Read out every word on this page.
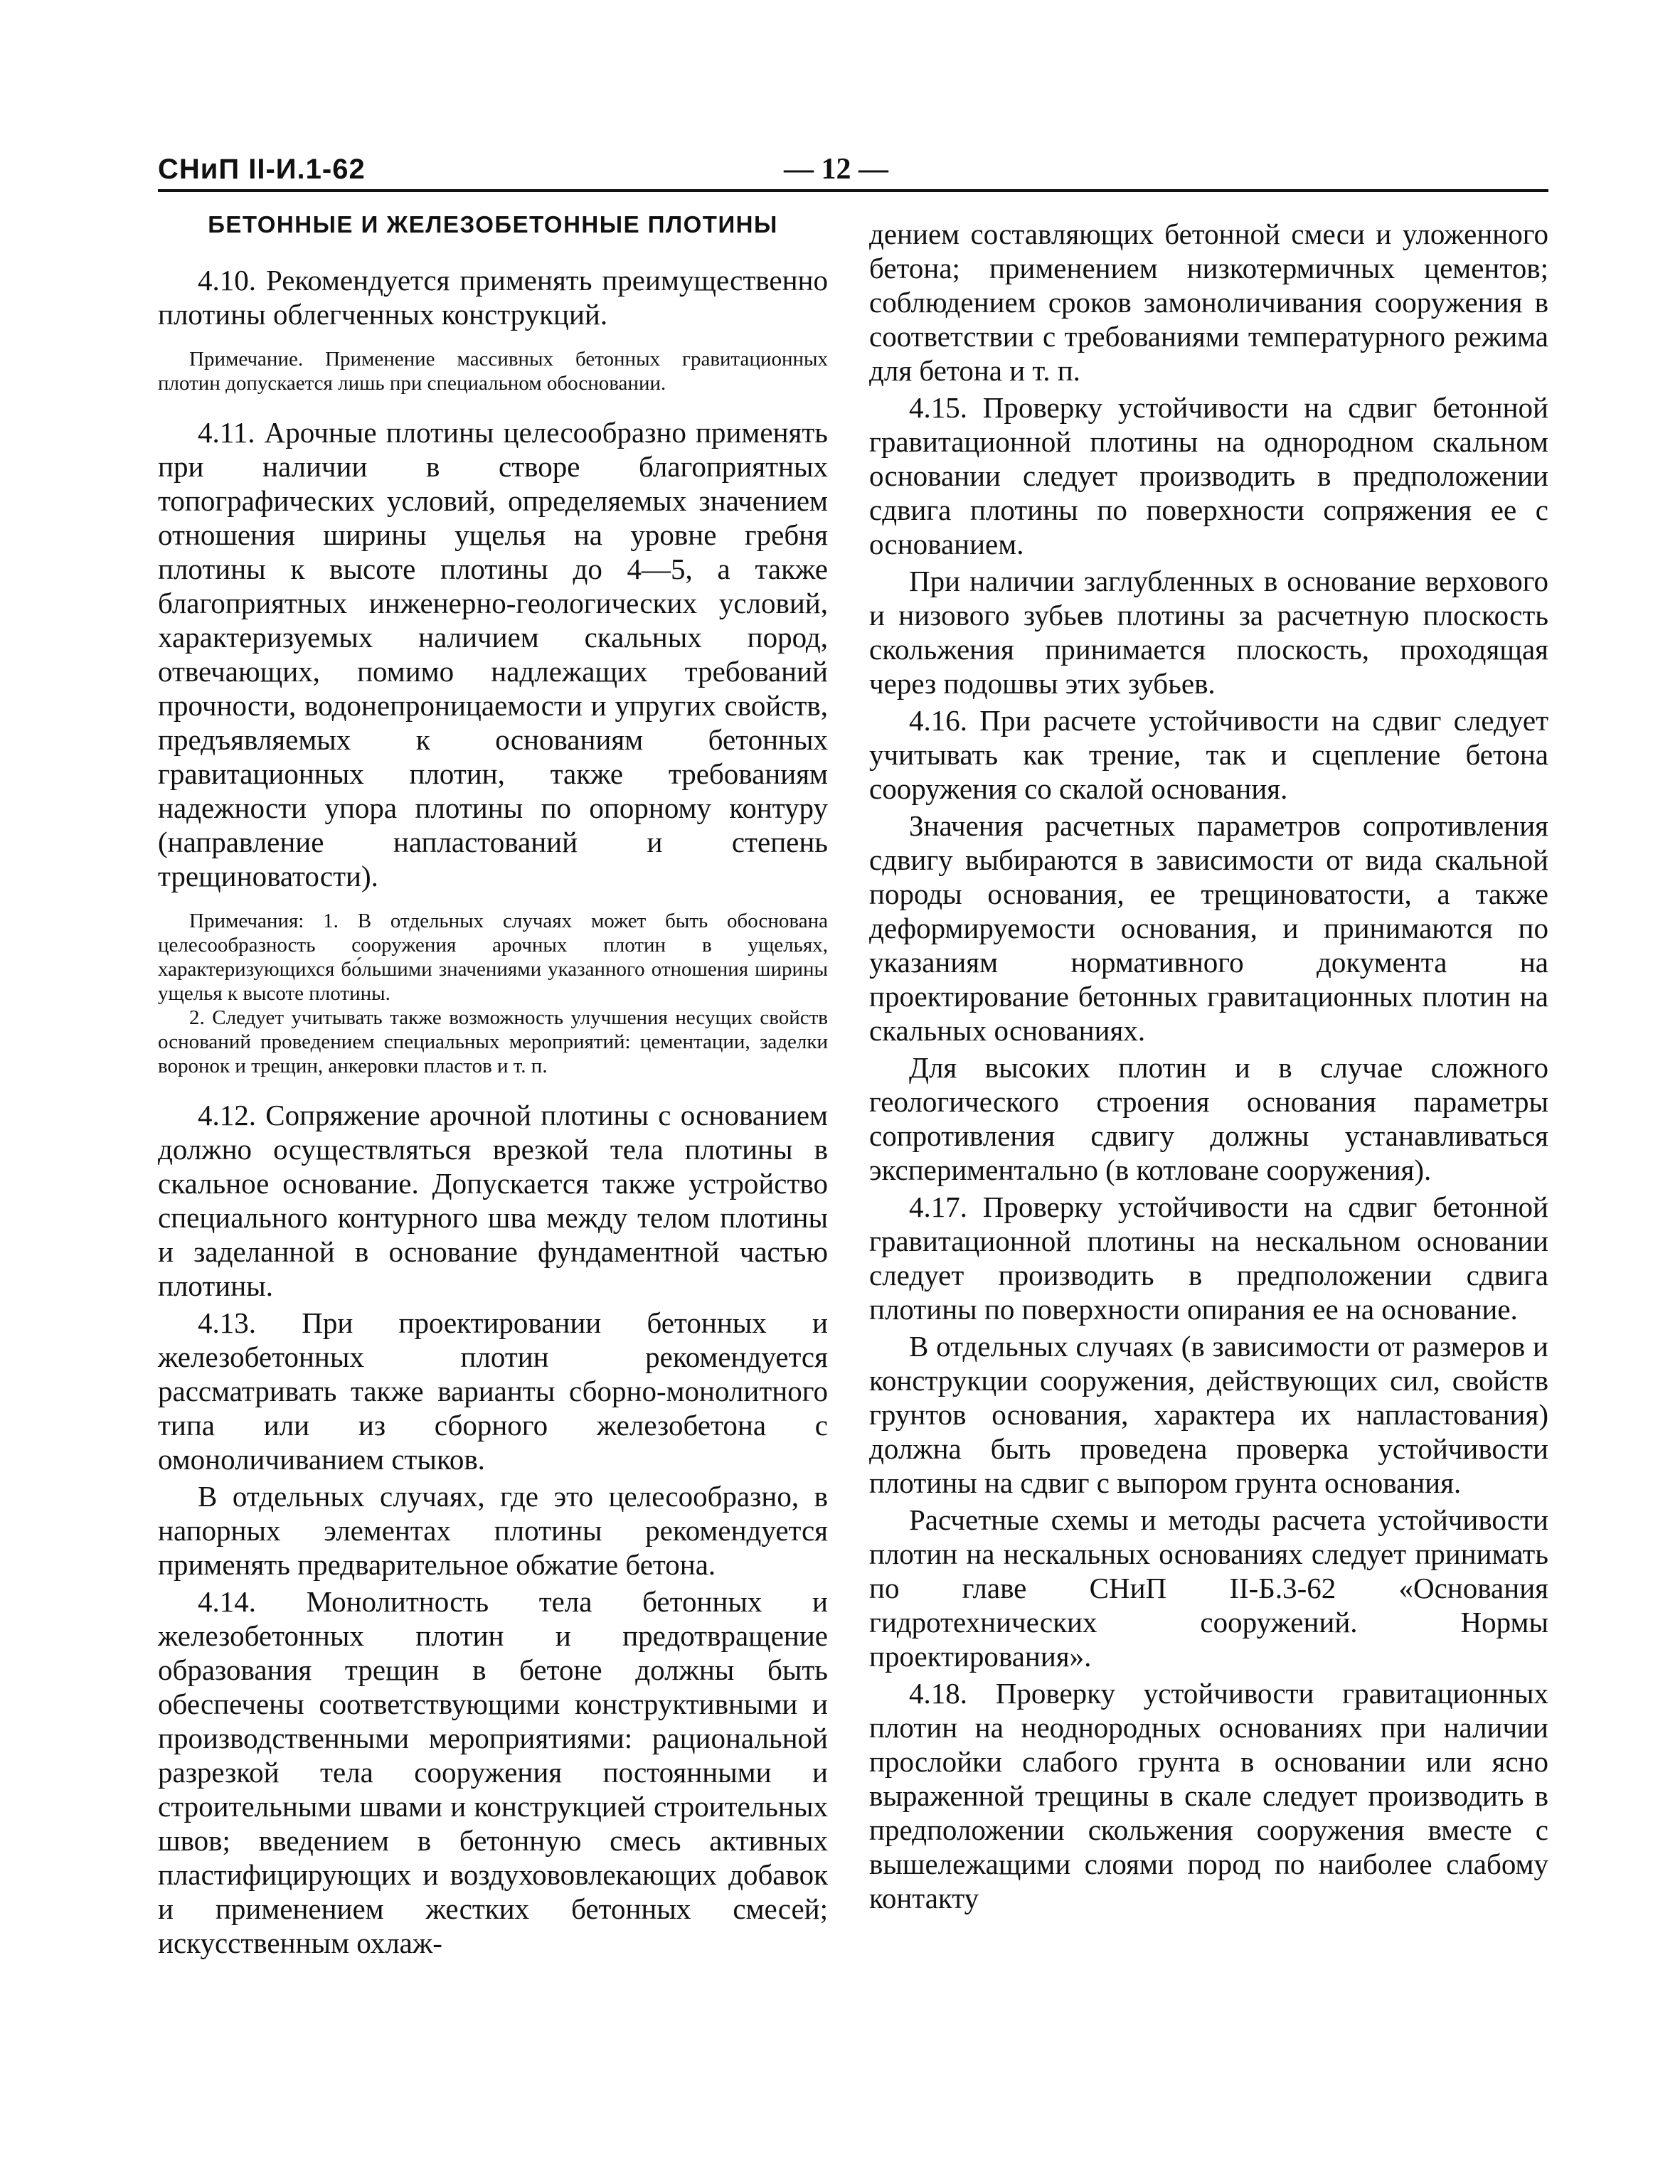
СНиП II-И.1-62	— 12 —
БЕТОННЫЕ И ЖЕЛЕЗОБЕТОННЫЕ ПЛОТИНЫ

4.10. Рекомендуется применять преимущественно плотины облегченных конструкций.

Примечание. Применение массивных бетонных гравитационных плотин допускается лишь при специальном обосновании.

4.11. Арочные плотины целесообразно применять при наличии в створе благоприятных топографических условий, определяемых значением отношения ширины ущелья на уровне гребня плотины к высоте плотины до 4—5, а также благоприятных инженерно-геологических условий, характеризуемых наличием скальных пород, отвечающих, помимо надлежащих требований прочности, водонепроницаемости и упругих свойств, предъявляемых к основаниям бетонных гравитационных плотин, также требованиям надежности упора плотины по опорному контуру (направление напластований и степень трещиноватости).

Примечания: 1. В отдельных случаях может быть обоснована целесообразность сооружения арочных плотин в ущельях, характеризующихся бо́льшими значениями указанного отношения ширины ущелья к высоте плотины.

2. Следует учитывать также возможность улучшения несущих свойств оснований проведением специальных мероприятий: цементации, заделки воронок и трещин, анкеровки пластов и т. п.

4.12. Сопряжение арочной плотины с основанием должно осуществляться врезкой тела плотины в скальное основание. Допускается также устройство специального контурного шва между телом плотины и заделанной в основание фундаментной частью плотины.

4.13. При проектировании бетонных и железобетонных плотин рекомендуется рассматривать также варианты сборно-монолитного типа или из сборного железобетона с омоноличиванием стыков.

В отдельных случаях, где это целесообразно, в напорных элементах плотины рекомендуется применять предварительное обжатие бетона.

4.14. Монолитность тела бетонных и железобетонных плотин и предотвращение образования трещин в бетоне должны быть обеспечены соответствующими конструктивными и производственными мероприятиями: рациональной разрезкой тела сооружения постоянными и строительными швами и конструкцией строительных швов; введением в бетонную смесь активных пластифицирующих и воздухововлекающих добавок и применением жестких бетонных смесей; искусственным охлаж-

дением составляющих бетонной смеси и уложенного бетона; применением низкотермичных цементов; соблюдением сроков замоноличивания сооружения в соответствии с требованиями температурного режима для бетона и т. п.

4.15. Проверку устойчивости на сдвиг бетонной гравитационной плотины на однородном скальном основании следует производить в предположении сдвига плотины по поверхности сопряжения ее с основанием.

При наличии заглубленных в основание верхового и низового зубьев плотины за расчетную плоскость скольжения принимается плоскость, проходящая через подошвы этих зубьев.

4.16. При расчете устойчивости на сдвиг следует учитывать как трение, так и сцепление бетона сооружения со скалой основания.

Значения расчетных параметров сопротивления сдвигу выбираются в зависимости от вида скальной породы основания, ее трещиноватости, а также деформируемости основания, и принимаются по указаниям нормативного документа на проектирование бетонных гравитационных плотин на скальных основаниях.

Для высоких плотин и в случае сложного геологического строения основания параметры сопротивления сдвигу должны устанавливаться экспериментально (в котловане сооружения).

4.17. Проверку устойчивости на сдвиг бетонной гравитационной плотины на нескальном основании следует производить в предположении сдвига плотины по поверхности опирания ее на основание.

В отдельных случаях (в зависимости от размеров и конструкции сооружения, действующих сил, свойств грунтов основания, характера их напластования) должна быть проведена проверка устойчивости плотины на сдвиг с выпором грунта основания.

Расчетные схемы и методы расчета устойчивости плотин на нескальных основаниях следует принимать по главе СНиП II-Б.3-62 «Основания гидротехнических сооружений. Нормы проектирования».

4.18. Проверку устойчивости гравитационных плотин на неоднородных основаниях при наличии прослойки слабого грунта в основании или ясно выраженной трещины в скале следует производить в предположении скольжения сооружения вместе с вышележащими слоями пород по наиболее слабому контакту
